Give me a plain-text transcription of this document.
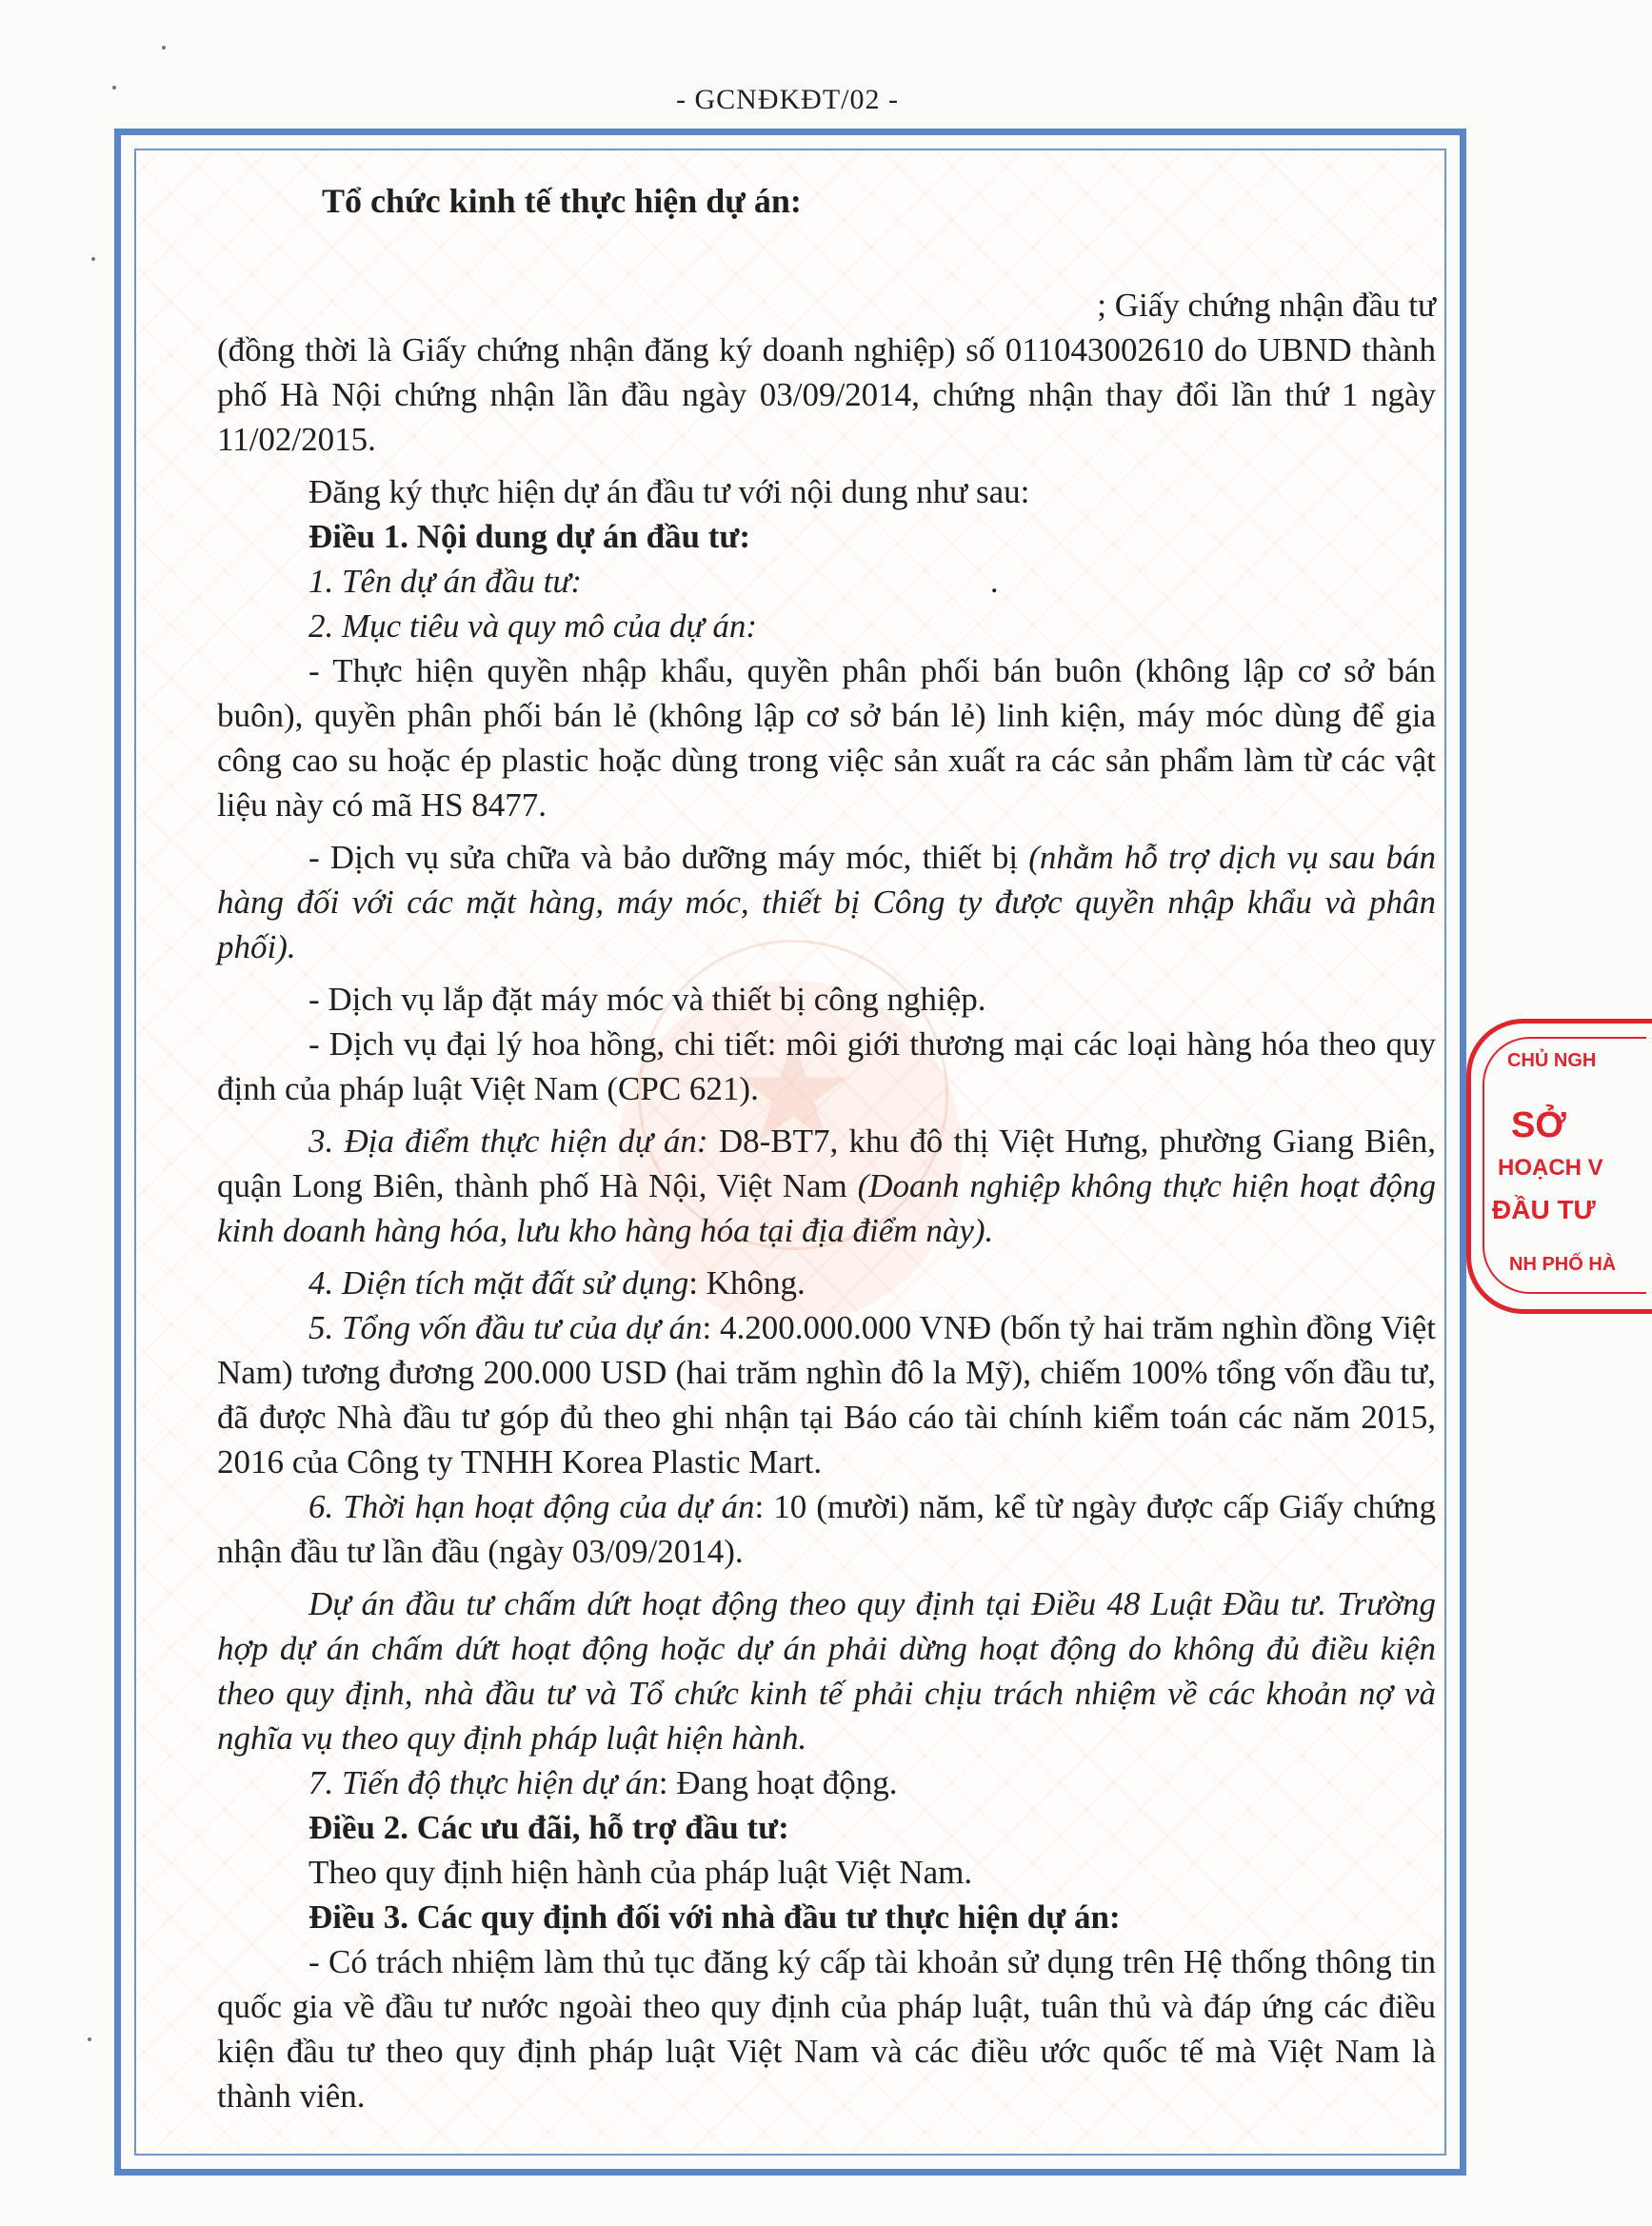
- GCNĐKĐT/02 -
★

Tổ chức kinh tế thực hiện dự án:

; Giấy chứng nhận đầu tư

(đồng thời là Giấy chứng nhận đăng ký doanh nghiệp) số 011043002610 do UBND thành phố Hà Nội chứng nhận lần đầu ngày 03/09/2014, chứng nhận thay đổi lần thứ 1 ngày 11/02/2015.

Đăng ký thực hiện dự án đầu tư với nội dung như sau:

Điều 1. Nội dung dự án đầu tư:

1. Tên dự án đầu tư:	.

2. Mục tiêu và quy mô của dự án:

- Thực hiện quyền nhập khẩu, quyền phân phối bán buôn (không lập cơ sở bán buôn), quyền phân phối bán lẻ (không lập cơ sở bán lẻ) linh kiện, máy móc dùng để gia công cao su hoặc ép plastic hoặc dùng trong việc sản xuất ra các sản phẩm làm từ các vật liệu này có mã HS 8477.

- Dịch vụ sửa chữa và bảo dưỡng máy móc, thiết bị (nhằm hỗ trợ dịch vụ sau bán hàng đối với các mặt hàng, máy móc, thiết bị Công ty được quyền nhập khẩu và phân phối).

- Dịch vụ lắp đặt máy móc và thiết bị công nghiệp.

- Dịch vụ đại lý hoa hồng, chi tiết: môi giới thương mại các loại hàng hóa theo quy định của pháp luật Việt Nam (CPC 621).

3. Địa điểm thực hiện dự án: D8-BT7, khu đô thị Việt Hưng, phường Giang Biên, quận Long Biên, thành phố Hà Nội, Việt Nam (Doanh nghiệp không thực hiện hoạt động kinh doanh hàng hóa, lưu kho hàng hóa tại địa điểm này).

4. Diện tích mặt đất sử dụng: Không.

5. Tổng vốn đầu tư của dự án: 4.200.000.000 VNĐ (bốn tỷ hai trăm nghìn đồng Việt Nam) tương đương 200.000 USD (hai trăm nghìn đô la Mỹ), chiếm 100% tổng vốn đầu tư, đã được Nhà đầu tư góp đủ theo ghi nhận tại Báo cáo tài chính kiểm toán các năm 2015, 2016 của Công ty TNHH Korea Plastic Mart.

6. Thời hạn hoạt động của dự án: 10 (mười) năm, kể từ ngày được cấp Giấy chứng nhận đầu tư lần đầu (ngày 03/09/2014).

Dự án đầu tư chấm dứt hoạt động theo quy định tại Điều 48 Luật Đầu tư. Trường hợp dự án chấm dứt hoạt động hoặc dự án phải dừng hoạt động do không đủ điều kiện theo quy định, nhà đầu tư và Tổ chức kinh tế phải chịu trách nhiệm về các khoản nợ và nghĩa vụ theo quy định pháp luật hiện hành.

7. Tiến độ thực hiện dự án: Đang hoạt động.

Điều 2. Các ưu đãi, hỗ trợ đầu tư:

Theo quy định hiện hành của pháp luật Việt Nam.

Điều 3. Các quy định đối với nhà đầu tư thực hiện dự án:

- Có trách nhiệm làm thủ tục đăng ký cấp tài khoản sử dụng trên Hệ thống thông tin quốc gia về đầu tư nước ngoài theo quy định của pháp luật, tuân thủ và đáp ứng các điều kiện đầu tư theo quy định pháp luật Việt Nam và các điều ước quốc tế mà Việt Nam là thành viên.

CHỦ NGH
SỞ
HOẠCH V
ĐẦU TƯ
NH PHỐ HÀ
